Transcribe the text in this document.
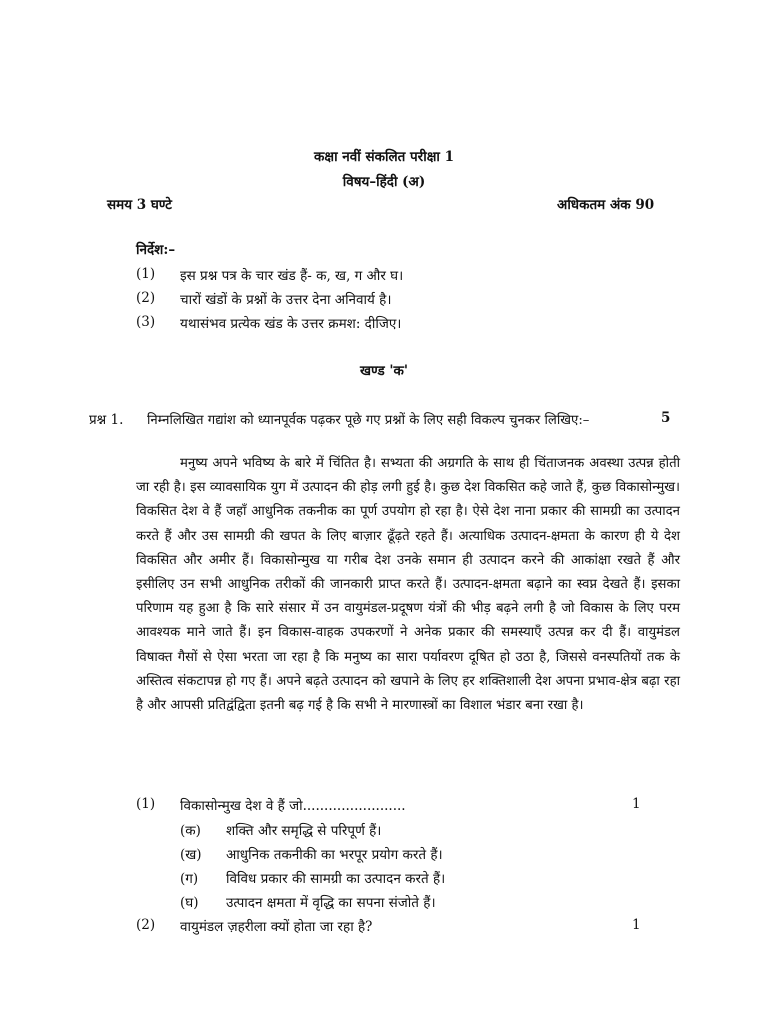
कक्षा नवीं संकलित परीक्षा 1
विषय–हिंदी (अ)
समय 3 घण्टे	अधिकतम अंक 90
निर्देश:–
(1) इस प्रश्न पत्र के चार खंड हैं- क, ख, ग और घ।
(2) चारों खंडों के प्रश्नों के उत्तर देना अनिवार्य है।
(3) यथासंभव प्रत्येक खंड के उत्तर क्रमश: दीजिए।
खण्ड 'क'
प्रश्न 1. निम्नलिखित गद्यांश को ध्यानपूर्वक पढ़कर पूछे गए प्रश्नों के लिए सही विकल्प चुनकर लिखिए:–	5

मनुष्य अपने भविष्य के बारे में चिंतित है। सभ्यता की अग्रगति के साथ ही चिंताजनक अवस्था उत्पन्न होती जा रही है। इस व्यावसायिक युग में उत्पादन की होड़ लगी हुई है। कुछ देश विकसित कहे जाते हैं, कुछ विकासोन्मुख। विकसित देश वे हैं जहाँ आधुनिक तकनीक का पूर्ण उपयोग हो रहा है। ऐसे देश नाना प्रकार की सामग्री का उत्पादन करते हैं और उस सामग्री की खपत के लिए बाज़ार ढूँढ़ते रहते हैं। अत्याधिक उत्पादन-क्षमता के कारण ही ये देश विकसित और अमीर हैं। विकासोन्मुख या गरीब देश उनके समान ही उत्पादन करने की आकांक्षा रखते हैं और इसीलिए उन सभी आधुनिक तरीकों की जानकारी प्राप्त करते हैं। उत्पादन-क्षमता बढ़ाने का स्वप्न देखते हैं। इसका परिणाम यह हुआ है कि सारे संसार में उन वायुमंडल-प्रदूषण यंत्रों की भीड़ बढ़ने लगी है जो विकास के लिए परम आवश्यक माने जाते हैं। इन विकास-वाहक उपकरणों ने अनेक प्रकार की समस्याएँ उत्पन्न कर दी हैं। वायुमंडल विषाक्त गैसों से ऐसा भरता जा रहा है कि मनुष्य का सारा पर्यावरण दूषित हो उठा है, जिससे वनस्पतियों तक के अस्तित्व संकटापन्न हो गए हैं। अपने बढ़ते उत्पादन को खपाने के लिए हर शक्तिशाली देश अपना प्रभाव-क्षेत्र बढ़ा रहा है और आपसी प्रतिद्वंद्विता इतनी बढ़ गई है कि सभी ने मारणास्त्रों का विशाल भंडार बना रखा है।

(1) विकासोन्मुख देश वे हैं जो........................	1
(क) शक्ति और समृद्धि से परिपूर्ण हैं।
(ख) आधुनिक तकनीकी का भरपूर प्रयोग करते हैं।
(ग) विविध प्रकार की सामग्री का उत्पादन करते हैं।
(घ) उत्पादन क्षमता में वृद्धि का सपना संजोते हैं।
(2) वायुमंडल ज़हरीला क्यों होता जा रहा है?	1
